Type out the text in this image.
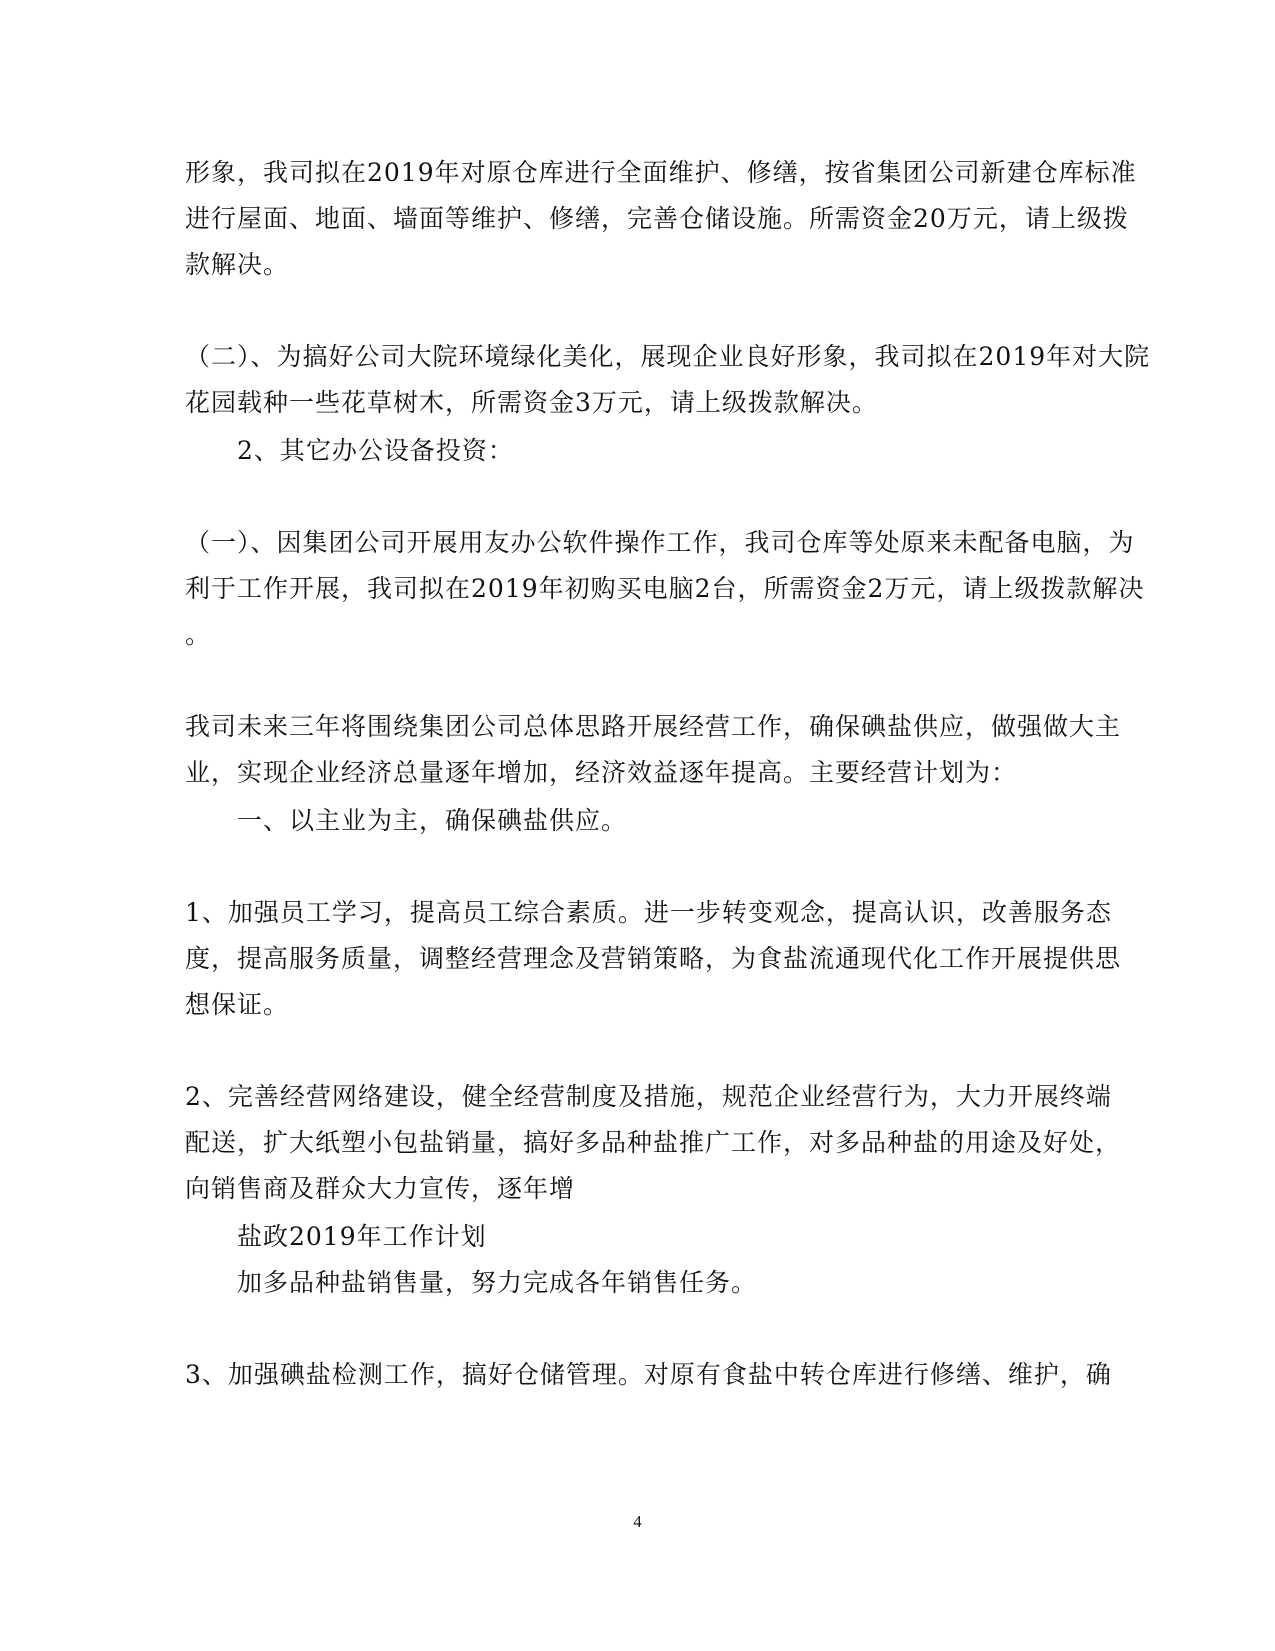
形象，我司拟在2019年对原仓库进行全面维护、修缮，按省集团公司新建仓库标准
进行屋面、地面、墙面等维护、修缮，完善仓储设施。所需资金20万元，请上级拨
款解决。
（二）、为搞好公司大院环境绿化美化，展现企业良好形象，我司拟在2019年对大院
花园载种一些花草树木，所需资金3万元，请上级拨款解决。
2、其它办公设备投资：
（一）、因集团公司开展用友办公软件操作工作，我司仓库等处原来未配备电脑，为
利于工作开展，我司拟在2019年初购买电脑2台，所需资金2万元，请上级拨款解决
。
我司未来三年将围绕集团公司总体思路开展经营工作，确保碘盐供应，做强做大主
业，实现企业经济总量逐年增加，经济效益逐年提高。主要经营计划为：
一、以主业为主，确保碘盐供应。
1、加强员工学习，提高员工综合素质。进一步转变观念，提高认识，改善服务态
度，提高服务质量，调整经营理念及营销策略，为食盐流通现代化工作开展提供思
想保证。
2、完善经营网络建设，健全经营制度及措施，规范企业经营行为，大力开展终端
配送，扩大纸塑小包盐销量，搞好多品种盐推广工作，对多品种盐的用途及好处，
向销售商及群众大力宣传，逐年增
盐政2019年工作计划
加多品种盐销售量，努力完成各年销售任务。
3、加强碘盐检测工作，搞好仓储管理。对原有食盐中转仓库进行修缮、维护，确
4
